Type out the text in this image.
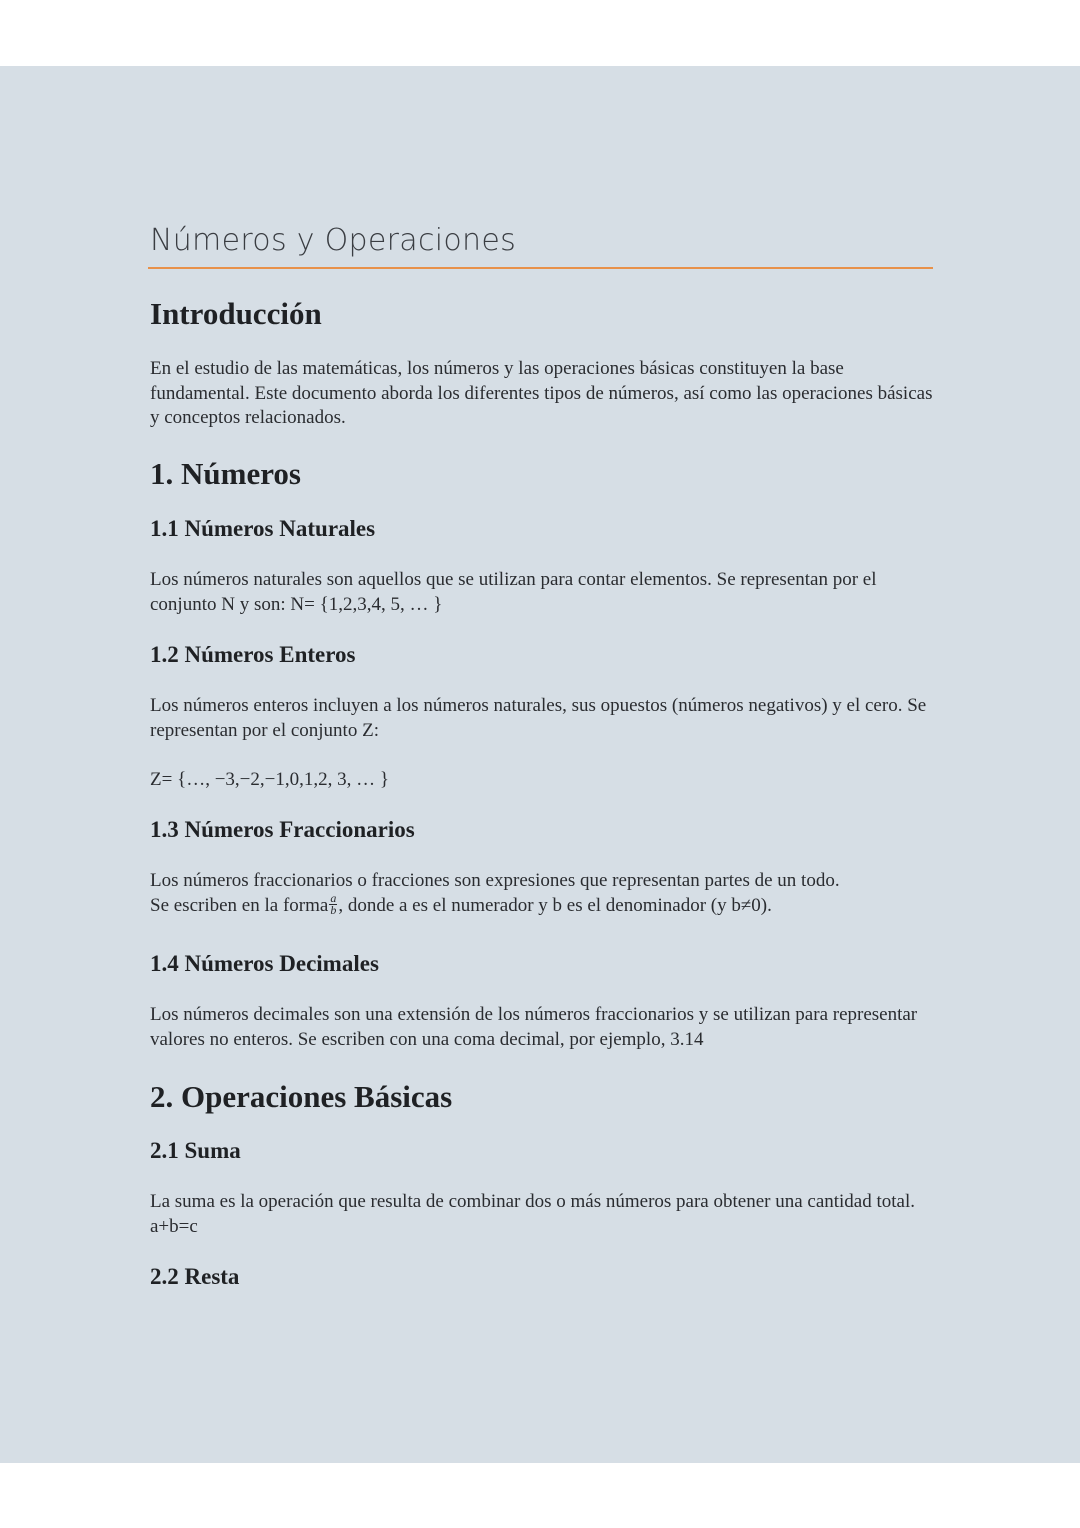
Números y Operaciones
Introducción

En el estudio de las matemáticas, los números y las operaciones básicas constituyen la base fundamental. Este documento aborda los diferentes tipos de números, así como las operaciones básicas y conceptos relacionados.

1. Números
1.1 Números Naturales

Los números naturales son aquellos que se utilizan para contar elementos. Se representan por el conjunto N y son: N= {1,2,3,4, 5, … }

1.2 Números Enteros

Los números enteros incluyen a los números naturales, sus opuestos (números negativos) y el cero. Se representan por el conjunto Z:

Z= {…, −3,−2,−1,0,1,2, 3, … }

1.3 Números Fraccionarios
Los números fraccionarios o fracciones son expresiones que representan partes de un todo.
Se escriben en la forma $\frac{a}{b}$ , donde a es el numerador y b es el denominador (y b≠0).
1.4 Números Decimales

Los números decimales son una extensión de los números fraccionarios y se utilizan para representar valores no enteros. Se escriben con una coma decimal, por ejemplo, 3.14

2. Operaciones Básicas
2.1 Suma

La suma es la operación que resulta de combinar dos o más números para obtener una cantidad total. a+b=c

2.2 Resta
